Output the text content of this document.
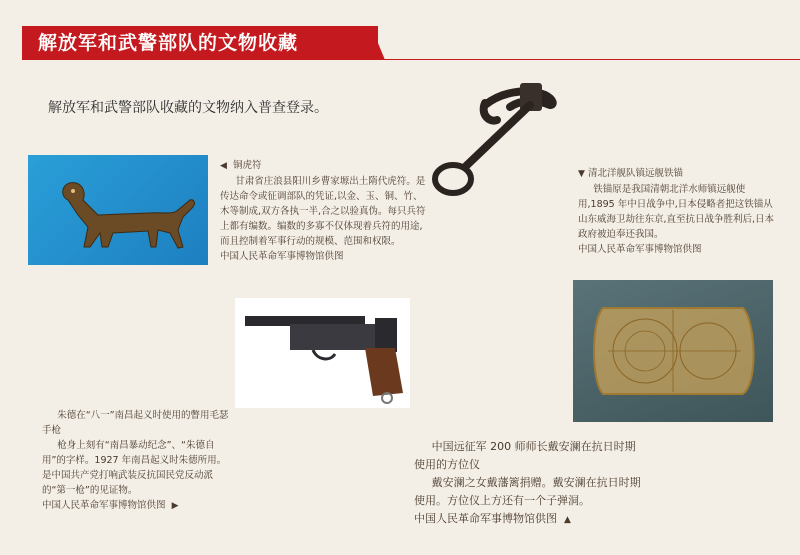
解放军和武警部队的文物收藏
解放军和武警部队收藏的文物纳入普查登录。

◀ 铜虎符

甘肃省庄浪县阳川乡曹家塬出土隋代虎符。是传达命令或征调部队的凭证,以金、玉、铜、竹、木等制成,双方各执一半,合之以验真伪。每只兵符上都有编数。编数的多寡不仅体现着兵符的用途,而且控制着军事行动的规模、范围和权限。

中国人民革命军事博物馆供图

▼ 清北洋舰队镇远舰铁锚

铁锚原是我国清朝北洋水师镇远舰使用,1895 年中日战争中,日本侵略者把这铁锚从山东威海卫劫往东京,直至抗日战争胜利后,日本政府被迫奉还我国。

中国人民革命军事博物馆供图

朱德在“八一”南昌起义时使用的瞥用毛瑟手枪

枪身上刻有“南昌暴动纪念”、“朱德自用”的字样。1927 年南昌起义时朱德所用。是中国共产党打响武装反抗国民党反动派的“第一枪”的见证物。

中国人民革命军事博物馆供图 ▶

中国远征军 200 师师长戴安澜在抗日时期使用的方位仪

戴安澜之女戴藩篱捐赠。戴安澜在抗日时期使用。方位仪上方还有一个子弹洞。

中国人民革命军事博物馆供图 ▲
